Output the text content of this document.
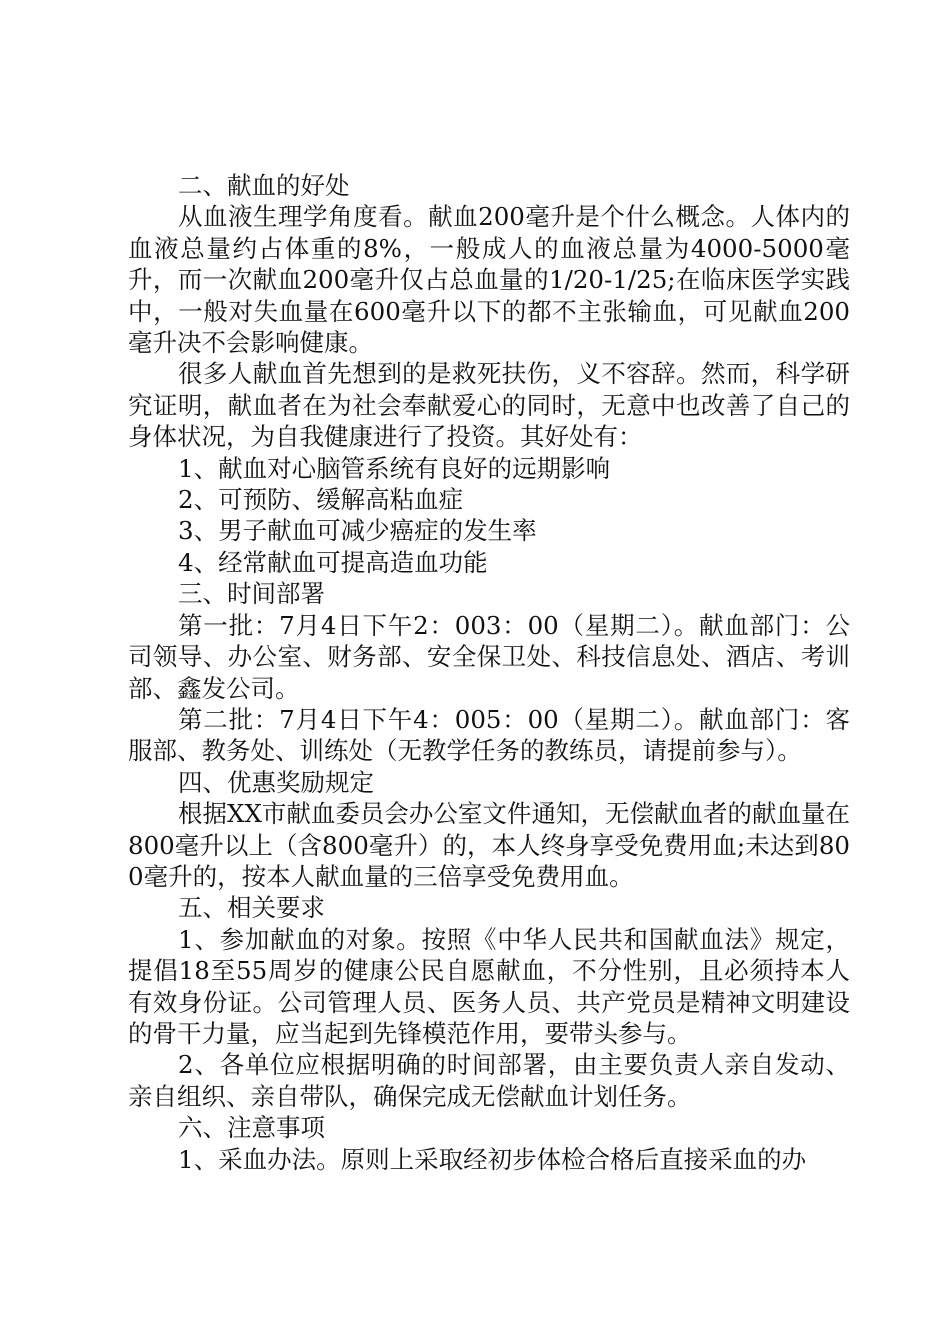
二、献血的好处

从血液生理学角度看。献血200毫升是个什么概念。人体内的血液总量约占体重的8%，一般成人的血液总量为4000-5000毫升，而一次献血200毫升仅占总血量的1/20-1/25;在临床医学实践中，一般对失血量在600毫升以下的都不主张输血，可见献血200毫升决不会影响健康。

很多人献血首先想到的是救死扶伤，义不容辞。然而，科学研究证明，献血者在为社会奉献爱心的同时，无意中也改善了自己的身体状况，为自我健康进行了投资。其好处有：

1、献血对心脑管系统有良好的远期影响

2、可预防、缓解高粘血症

3、男子献血可减少癌症的发生率

4、经常献血可提高造血功能

三、时间部署

第一批：7月4日下午2：003：00（星期二）。献血部门：公司领导、办公室、财务部、安全保卫处、科技信息处、酒店、考训部、鑫发公司。

第二批：7月4日下午4：005：00（星期二）。献血部门：客服部、教务处、训练处（无教学任务的教练员，请提前参与）。

四、优惠奖励规定

根据XX市献血委员会办公室文件通知，无偿献血者的献血量在800毫升以上（含800毫升）的，本人终身享受免费用血;未达到800毫升的，按本人献血量的三倍享受免费用血。

五、相关要求

1、参加献血的对象。按照《中华人民共和国献血法》规定，提倡18至55周岁的健康公民自愿献血，不分性别，且必须持本人有效身份证。公司管理人员、医务人员、共产党员是精神文明建设的骨干力量，应当起到先锋模范作用，要带头参与。

2、各单位应根据明确的时间部署，由主要负责人亲自发动、亲自组织、亲自带队，确保完成无偿献血计划任务。

六、注意事项

1、采血办法。原则上采取经初步体检合格后直接采血的办
